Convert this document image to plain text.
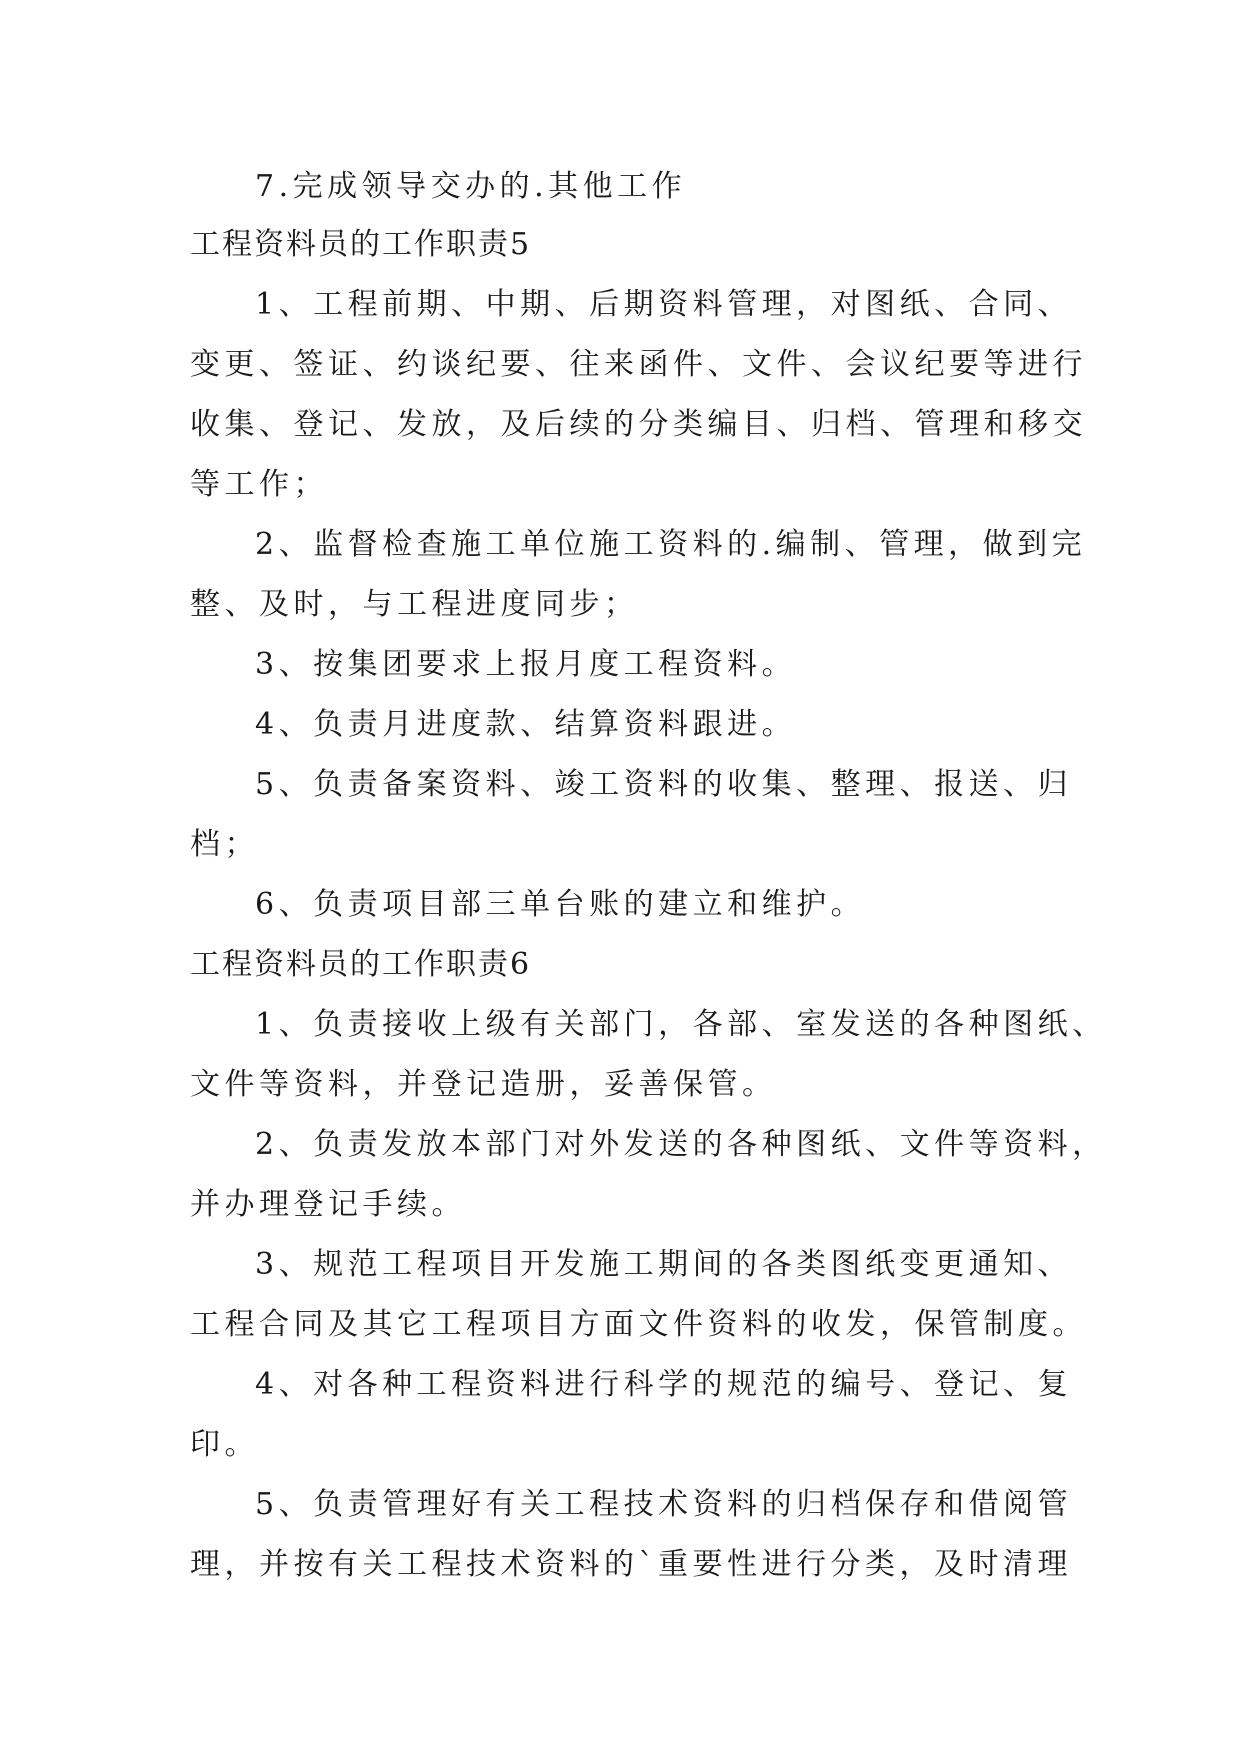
7.完成领导交办的.其他工作
工程资料员的工作职责5
1、工程前期、中期、后期资料管理，对图纸、合同、
变更、签证、约谈纪要、往来函件、文件、会议纪要等进行
收集、登记、发放，及后续的分类编目、归档、管理和移交
等工作；
2、监督检查施工单位施工资料的.编制、管理，做到完
整、及时，与工程进度同步；
3、按集团要求上报月度工程资料。
4、负责月进度款、结算资料跟进。
5、负责备案资料、竣工资料的收集、整理、报送、归
档；
6、负责项目部三单台账的建立和维护。
工程资料员的工作职责6
1、负责接收上级有关部门，各部、室发送的各种图纸、
文件等资料，并登记造册，妥善保管。
2、负责发放本部门对外发送的各种图纸、文件等资料，
并办理登记手续。
3、规范工程项目开发施工期间的各类图纸变更通知、
工程合同及其它工程项目方面文件资料的收发，保管制度。
4、对各种工程资料进行科学的规范的编号、登记、复
印。
5、负责管理好有关工程技术资料的归档保存和借阅管
理，并按有关工程技术资料的`重要性进行分类，及时清理
